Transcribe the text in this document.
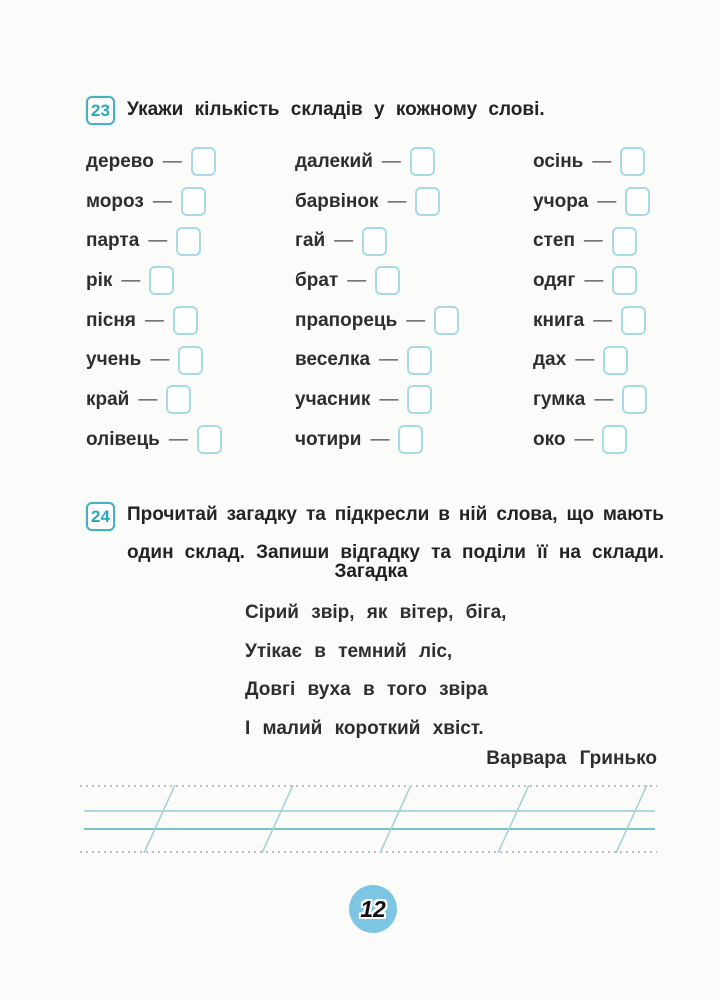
23 Укажи кількість складів у кожному слові.
дерево —
мороз —
парта —
рік —
пісня —
учень —
край —
олівець —
далекий —
барвінок —
гай —
брат —
прапорець —
веселка —
учасник —
чотири —
осінь —
учора —
степ —
одяг —
книга —
дах —
гумка —
око —
24 Прочитай загадку та підкресли в ній слова, що мають
один склад. Запиши відгадку та поділи її на склади.
Загадка
Сірий звір, як вітер, біга,
Утікає в темний ліс,
Довгі вуха в того звіра
І малий короткий хвіст.
Варвара Гринько
12
